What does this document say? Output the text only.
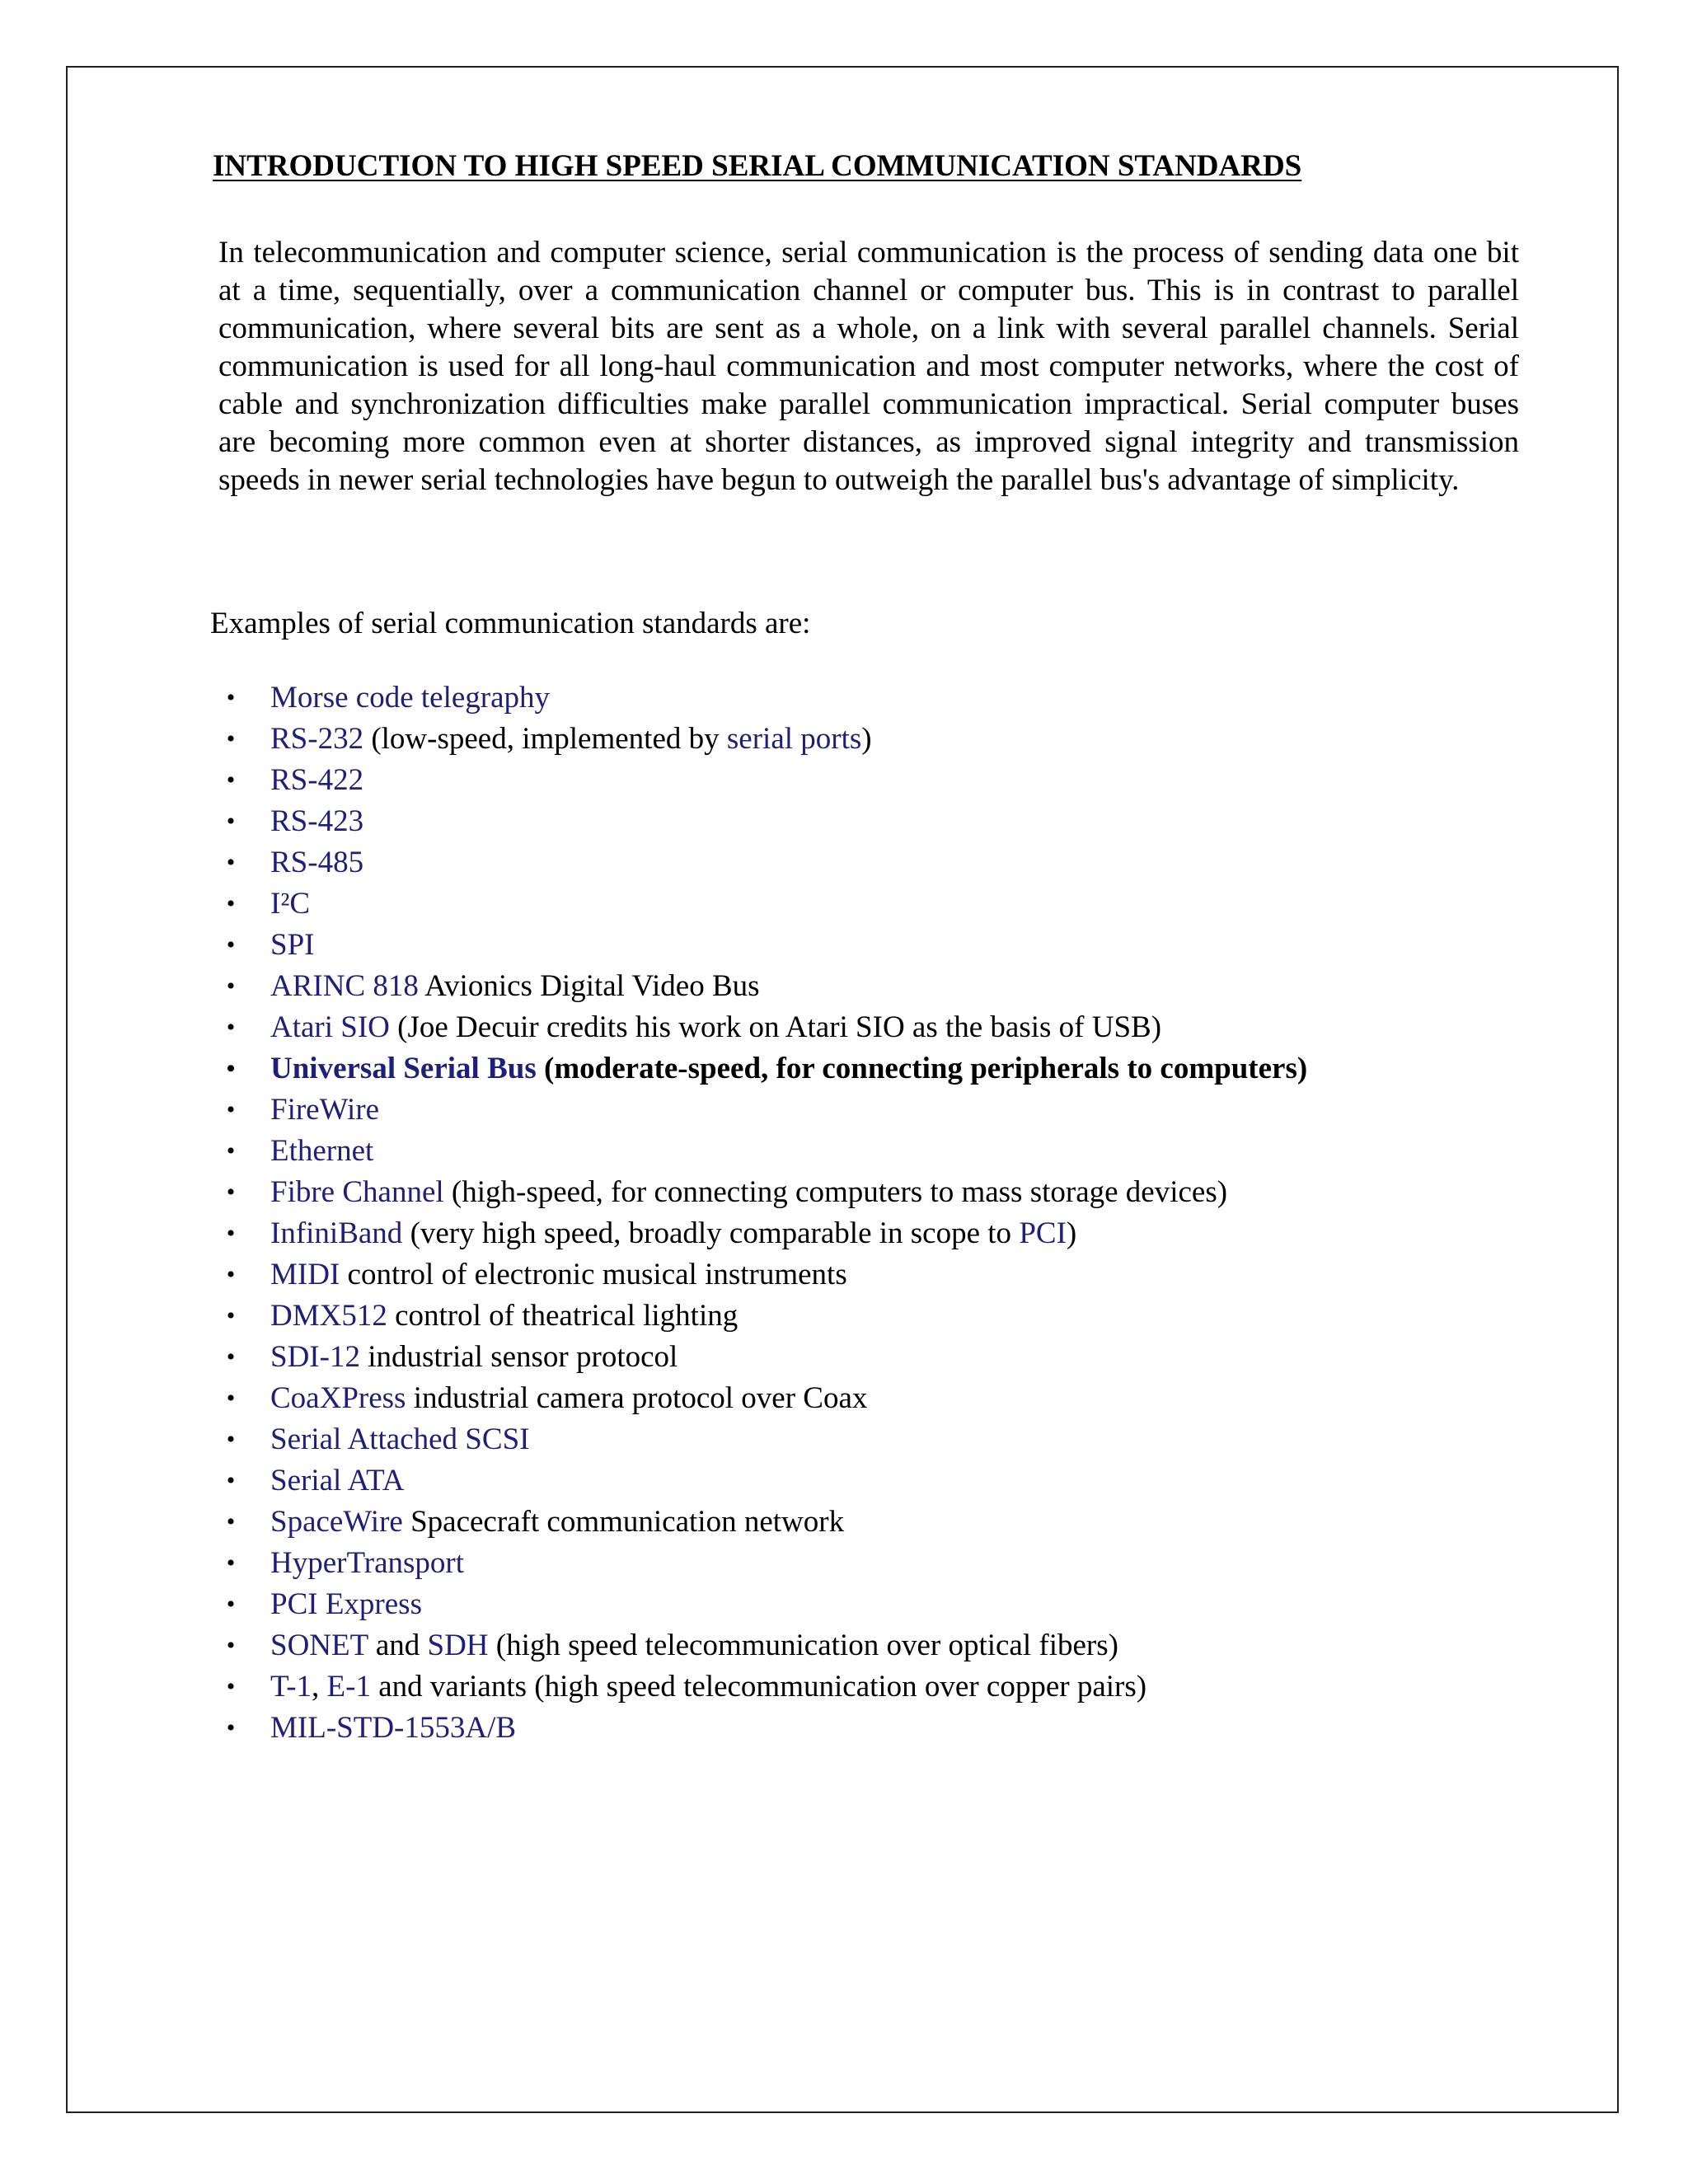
INTRODUCTION TO HIGH SPEED SERIAL COMMUNICATION STANDARDS

In telecommunication and computer science, serial communication is the process of sending data one bit at a time, sequentially, over a communication channel or computer bus. This is in contrast to parallel communication, where several bits are sent as a whole, on a link with several parallel channels. Serial communication is used for all long-haul communication and most computer networks, where the cost of cable and synchronization difficulties make parallel communication impractical. Serial computer buses are becoming more common even at shorter distances, as improved signal integrity and transmission speeds in newer serial technologies have begun to outweigh the parallel bus's advantage of simplicity.

Examples of serial communication standards are:

• Morse code telegraphy
• RS-232 (low-speed, implemented by serial ports)
• RS-422
• RS-423
• RS-485
• I²C
• SPI
• ARINC 818 Avionics Digital Video Bus
• Atari SIO (Joe Decuir credits his work on Atari SIO as the basis of USB)
• Universal Serial Bus (moderate-speed, for connecting peripherals to computers)
• FireWire
• Ethernet
• Fibre Channel (high-speed, for connecting computers to mass storage devices)
• InfiniBand (very high speed, broadly comparable in scope to PCI)
• MIDI control of electronic musical instruments
• DMX512 control of theatrical lighting
• SDI-12 industrial sensor protocol
• CoaXPress industrial camera protocol over Coax
• Serial Attached SCSI
• Serial ATA
• SpaceWire Spacecraft communication network
• HyperTransport
• PCI Express
• SONET and SDH (high speed telecommunication over optical fibers)
• T-1, E-1 and variants (high speed telecommunication over copper pairs)
• MIL-STD-1553A/B
